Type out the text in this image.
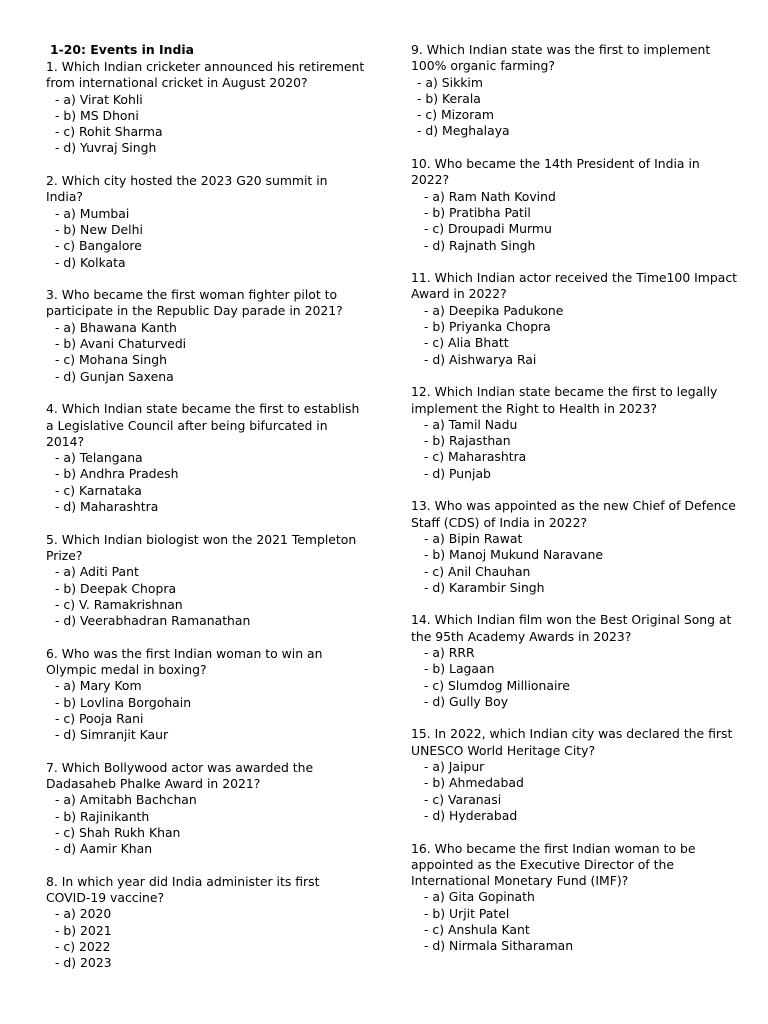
1-20: Events in India

1. Which Indian cricketer announced his retirement from international cricket in August 2020?

- a) Virat Kohli
- b) MS Dhoni
- c) Rohit Sharma
- d) Yuvraj Singh

2. Which city hosted the 2023 G20 summit in India?

- a) Mumbai
- b) New Delhi
- c) Bangalore
- d) Kolkata

3. Who became the first woman fighter pilot to participate in the Republic Day parade in 2021?

- a) Bhawana Kanth
- b) Avani Chaturvedi
- c) Mohana Singh
- d) Gunjan Saxena

4. Which Indian state became the first to establish a Legislative Council after being bifurcated in 2014?

- a) Telangana
- b) Andhra Pradesh
- c) Karnataka
- d) Maharashtra

5. Which Indian biologist won the 2021 Templeton Prize?

- a) Aditi Pant
- b) Deepak Chopra
- c) V. Ramakrishnan
- d) Veerabhadran Ramanathan

6. Who was the first Indian woman to win an Olympic medal in boxing?

- a) Mary Kom
- b) Lovlina Borgohain
- c) Pooja Rani
- d) Simranjit Kaur

7. Which Bollywood actor was awarded the Dadasaheb Phalke Award in 2021?

- a) Amitabh Bachchan
- b) Rajinikanth
- c) Shah Rukh Khan
- d) Aamir Khan

8. In which year did India administer its first COVID-19 vaccine?

- a) 2020
- b) 2021
- c) 2022
- d) 2023

9. Which Indian state was the first to implement 100% organic farming?

- a) Sikkim
- b) Kerala
- c) Mizoram
- d) Meghalaya

10. Who became the 14th President of India in 2022?

- a) Ram Nath Kovind
- b) Pratibha Patil
- c) Droupadi Murmu
- d) Rajnath Singh

11. Which Indian actor received the Time100 Impact Award in 2022?

- a) Deepika Padukone
- b) Priyanka Chopra
- c) Alia Bhatt
- d) Aishwarya Rai

12. Which Indian state became the first to legally implement the Right to Health in 2023?

- a) Tamil Nadu
- b) Rajasthan
- c) Maharashtra
- d) Punjab

13. Who was appointed as the new Chief of Defence Staff (CDS) of India in 2022?

- a) Bipin Rawat
- b) Manoj Mukund Naravane
- c) Anil Chauhan
- d) Karambir Singh

14. Which Indian film won the Best Original Song at the 95th Academy Awards in 2023?

- a) RRR
- b) Lagaan
- c) Slumdog Millionaire
- d) Gully Boy

15. In 2022, which Indian city was declared the first UNESCO World Heritage City?

- a) Jaipur
- b) Ahmedabad
- c) Varanasi
- d) Hyderabad

16. Who became the first Indian woman to be appointed as the Executive Director of the International Monetary Fund (IMF)?

- a) Gita Gopinath
- b) Urjit Patel
- c) Anshula Kant
- d) Nirmala Sitharaman
